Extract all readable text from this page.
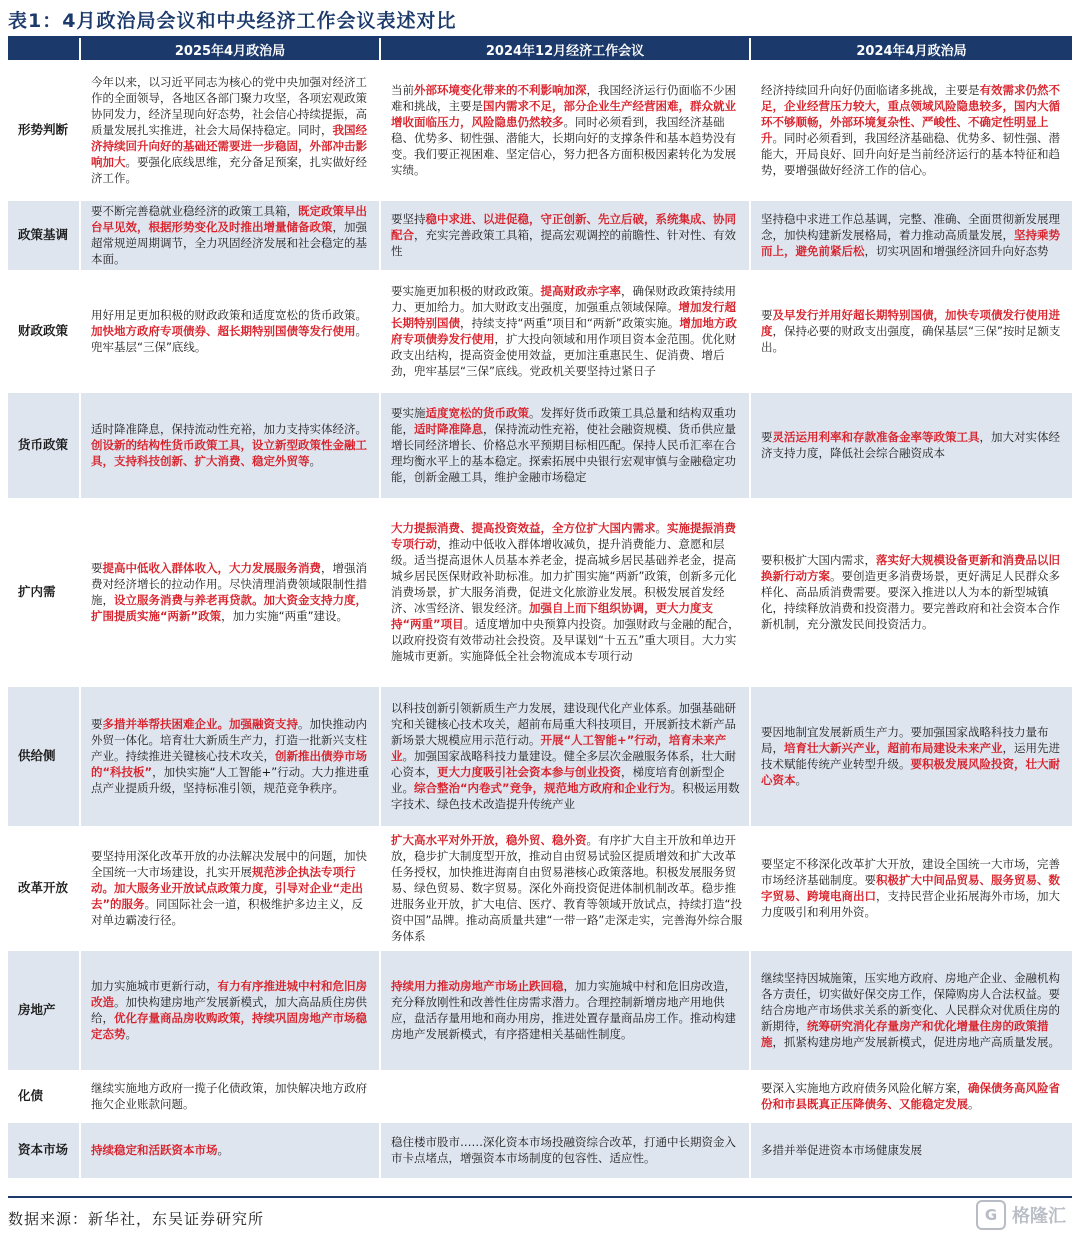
表1：4月政治局会议和中央经济工作会议表述对比
	2025年4月政治局	2024年12月经济工作会议	2024年4月政治局
形势判断	今年以来，以习近平同志为核心的党中央加强对经济工作的全面领导，各地区各部门聚力攻坚，各项宏观政策协同发力，经济呈现向好态势，社会信心持续提振，高质量发展扎实推进，社会大局保持稳定。同时，我国经济持续回升向好的基础还需要进一步稳固，外部冲击影响加大。要强化底线思维，充分备足预案，扎实做好经济工作。	当前外部环境变化带来的不利影响加深，我国经济运行仍面临不少困难和挑战，主要是国内需求不足，部分企业生产经营困难，群众就业增收面临压力，风险隐患仍然较多。同时必须看到，我国经济基础稳、优势多、韧性强、潜能大，长期向好的支撑条件和基本趋势没有变。我们要正视困难、坚定信心，努力把各方面积极因素转化为发展实绩。	经济持续回升向好仍面临诸多挑战，主要是有效需求仍然不足，企业经营压力较大，重点领域风险隐患较多，国内大循环不够顺畅，外部环境复杂性、严峻性、不确定性明显上升。同时必须看到，我国经济基础稳、优势多、韧性强、潜能大，开局良好、回升向好是当前经济运行的基本特征和趋势，要增强做好经济工作的信心。
政策基调	要不断完善稳就业稳经济的政策工具箱，既定政策早出台早见效，根据形势变化及时推出增量储备政策，加强超常规逆周期调节，全力巩固经济发展和社会稳定的基本面。	要坚持稳中求进、以进促稳，守正创新、先立后破，系统集成、协同配合，充实完善政策工具箱，提高宏观调控的前瞻性、针对性、有效性	坚持稳中求进工作总基调，完整、准确、全面贯彻新发展理念，加快构建新发展格局，着力推动高质量发展，坚持乘势而上，避免前紧后松，切实巩固和增强经济回升向好态势
财政政策	用好用足更加积极的财政政策和适度宽松的货币政策。加快地方政府专项债券、超长期特别国债等发行使用。兜牢基层“三保”底线。	要实施更加积极的财政政策。提高财政赤字率，确保财政政策持续用力、更加给力。加大财政支出强度，加强重点领域保障。增加发行超长期特别国债，持续支持“两重”项目和“两新”政策实施。增加地方政府专项债券发行使用，扩大投向领域和用作项目资本金范围。优化财政支出结构，提高资金使用效益，更加注重惠民生、促消费、增后劲，兜牢基层“三保”底线。党政机关要坚持过紧日子	要及早发行并用好超长期特别国债，加快专项债发行使用进度，保持必要的财政支出强度，确保基层“三保”按时足额支出。
货币政策	适时降准降息，保持流动性充裕，加力支持实体经济。创设新的结构性货币政策工具，设立新型政策性金融工具，支持科技创新、扩大消费、稳定外贸等。	要实施适度宽松的货币政策。发挥好货币政策工具总量和结构双重功能，适时降准降息，保持流动性充裕，使社会融资规模、货币供应量增长同经济增长、价格总水平预期目标相匹配。保持人民币汇率在合理均衡水平上的基本稳定。探索拓展中央银行宏观审慎与金融稳定功能，创新金融工具，维护金融市场稳定	要灵活运用利率和存款准备金率等政策工具，加大对实体经济支持力度，降低社会综合融资成本
扩内需	要提高中低收入群体收入，大力发展服务消费，增强消费对经济增长的拉动作用。尽快清理消费领域限制性措施，设立服务消费与养老再贷款。加大资金支持力度，扩围提质实施“两新”政策，加力实施“两重”建设。	大力提振消费、提高投资效益，全方位扩大国内需求。实施提振消费专项行动，推动中低收入群体增收减负，提升消费能力、意愿和层级。适当提高退休人员基本养老金，提高城乡居民基础养老金，提高城乡居民医保财政补助标准。加力扩围实施“两新”政策，创新多元化消费场景，扩大服务消费，促进文化旅游业发展。积极发展首发经济、冰雪经济、银发经济。加强自上而下组织协调，更大力度支持“两重”项目。适度增加中央预算内投资。加强财政与金融的配合，以政府投资有效带动社会投资。及早谋划“十五五”重大项目。大力实施城市更新。实施降低全社会物流成本专项行动	要积极扩大国内需求，落实好大规模设备更新和消费品以旧换新行动方案。要创造更多消费场景，更好满足人民群众多样化、高品质消费需要。要深入推进以人为本的新型城镇化，持续释放消费和投资潜力。要完善政府和社会资本合作新机制，充分激发民间投资活力。
供给侧	要多措并举帮扶困难企业。加强融资支持。加快推动内外贸一体化。培育壮大新质生产力，打造一批新兴支柱产业。持续推进关键核心技术攻关，创新推出债券市场的“科技板”，加快实施“人工智能+”行动。大力推进重点产业提质升级，坚持标准引领，规范竞争秩序。	以科技创新引领新质生产力发展，建设现代化产业体系。加强基础研究和关键核心技术攻关，超前布局重大科技项目，开展新技术新产品新场景大规模应用示范行动。开展“人工智能+”行动，培育未来产业。加强国家战略科技力量建设。健全多层次金融服务体系，壮大耐心资本，更大力度吸引社会资本参与创业投资，梯度培育创新型企业。综合整治“内卷式”竞争，规范地方政府和企业行为。积极运用数字技术、绿色技术改造提升传统产业	要因地制宜发展新质生产力。要加强国家战略科技力量布局，培育壮大新兴产业，超前布局建设未来产业，运用先进技术赋能传统产业转型升级。要积极发展风险投资，壮大耐心资本。
改革开放	要坚持用深化改革开放的办法解决发展中的问题，加快全国统一大市场建设，扎实开展规范涉企执法专项行动。加大服务业开放试点政策力度，引导对企业“走出去”的服务。同国际社会一道，积极维护多边主义，反对单边霸凌行径。	扩大高水平对外开放，稳外贸、稳外资。有序扩大自主开放和单边开放，稳步扩大制度型开放，推动自由贸易试验区提质增效和扩大改革任务授权，加快推进海南自由贸易港核心政策落地。积极发展服务贸易、绿色贸易、数字贸易。深化外商投资促进体制机制改革。稳步推进服务业开放，扩大电信、医疗、教育等领域开放试点，持续打造“投资中国”品牌。推动高质量共建“一带一路”走深走实，完善海外综合服务体系	要坚定不移深化改革扩大开放，建设全国统一大市场，完善市场经济基础制度。要积极扩大中间品贸易、服务贸易、数字贸易、跨境电商出口，支持民营企业拓展海外市场，加大力度吸引和利用外资。
房地产	加力实施城市更新行动，有力有序推进城中村和危旧房改造。加快构建房地产发展新模式，加大高品质住房供给，优化存量商品房收购政策，持续巩固房地产市场稳定态势。	持续用力推动房地产市场止跌回稳，加力实施城中村和危旧房改造，充分释放刚性和改善性住房需求潜力。合理控制新增房地产用地供应，盘活存量用地和商办用房，推进处置存量商品房工作。推动构建房地产发展新模式，有序搭建相关基础性制度。	继续坚持因城施策，压实地方政府、房地产企业、金融机构各方责任，切实做好保交房工作，保障购房人合法权益。要结合房地产市场供求关系的新变化、人民群众对优质住房的新期待，统筹研究消化存量房产和优化增量住房的政策措施，抓紧构建房地产发展新模式，促进房地产高质量发展。
化债	继续实施地方政府一揽子化债政策，加快解决地方政府拖欠企业账款问题。		要深入实施地方政府债务风险化解方案，确保债务高风险省份和市县既真正压降债务、又能稳定发展。
资本市场	持续稳定和活跃资本市场。	稳住楼市股市……深化资本市场投融资综合改革，打通中长期资金入市卡点堵点，增强资本市场制度的包容性、适应性。	多措并举促进资本市场健康发展
数据来源：新华社，东吴证券研究所	G 格隆汇
